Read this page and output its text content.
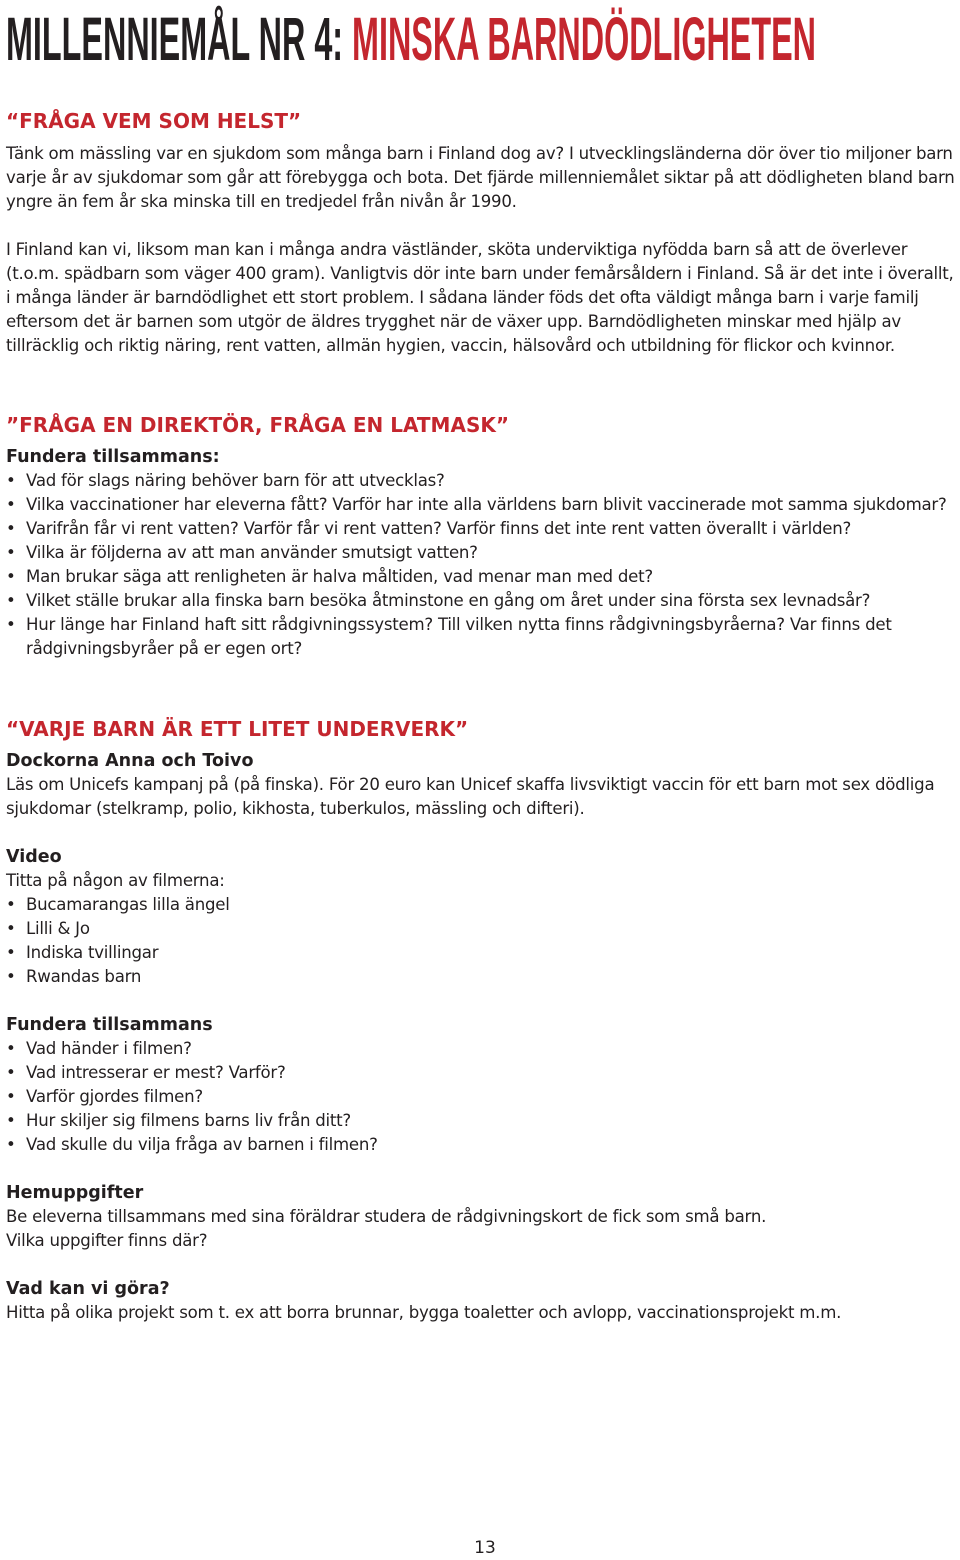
MILLENNIEMÅL NR 4: MINSKA BARNDÖDLIGHETEN
“FRÅGA VEM SOM HELST”

Tänk om mässling var en sjukdom som många barn i Finland dog av? I utvecklingsländerna dör över tio miljoner barn varje år av sjukdomar som går att förebygga och bota. Det fjärde millenniemålet siktar på att dödligheten bland barn yngre än fem år ska minska till en tredjedel från nivån år 1990.

I Finland kan vi, liksom man kan i många andra västländer, sköta underviktiga nyfödda barn så att de överlever (t.o.m. spädbarn som väger 400 gram). Vanligtvis dör inte barn under femårsåldern i Finland. Så är det inte i överallt, i många länder är barndödlighet ett stort problem. I sådana länder föds det ofta väldigt många barn i varje familj eftersom det är barnen som utgör de äldres trygghet när de växer upp. Barndödligheten minskar med hjälp av tillräcklig och riktig näring, rent vatten, allmän hygien, vaccin, hälsovård och utbildning för flickor och kvinnor.

”FRÅGA EN DIREKTÖR, FRÅGA EN LATMASK”
Fundera tillsammans:
• Vad för slags näring behöver barn för att utvecklas?
• Vilka vaccinationer har eleverna fått? Varför har inte alla världens barn blivit vaccinerade mot samma sjukdomar?
• Varifrån får vi rent vatten? Varför får vi rent vatten? Varför finns det inte rent vatten överallt i världen?
• Vilka är följderna av att man använder smutsigt vatten?
• Man brukar säga att renligheten är halva måltiden, vad menar man med det?
• Vilket ställe brukar alla finska barn besöka åtminstone en gång om året under sina första sex levnadsår?
• Hur länge har Finland haft sitt rådgivningssystem? Till vilken nytta finns rådgivningsbyråerna? Var finns det rådgivningsbyråer på er egen ort?
“VARJE BARN ÄR ETT LITET UNDERVERK”
Dockorna Anna och Toivo

Läs om Unicefs kampanj på (på finska). För 20 euro kan Unicef skaffa livsviktigt vaccin för ett barn mot sex dödliga sjukdomar (stelkramp, polio, kikhosta, tuberkulos, mässling och difteri).

Video

Titta på någon av filmerna:

• Bucamarangas lilla ängel
• Lilli & Jo
• Indiska tvillingar
• Rwandas barn
Fundera tillsammans
• Vad händer i filmen?
• Vad intresserar er mest? Varför?
• Varför gjordes filmen?
• Hur skiljer sig filmens barns liv från ditt?
• Vad skulle du vilja fråga av barnen i filmen?
Hemuppgifter

Be eleverna tillsammans med sina föräldrar studera de rådgivningskort de fick som små barn.

Vilka uppgifter finns där?

Vad kan vi göra?

Hitta på olika projekt som t. ex att borra brunnar, bygga toaletter och avlopp, vaccinationsprojekt m.m.

13
